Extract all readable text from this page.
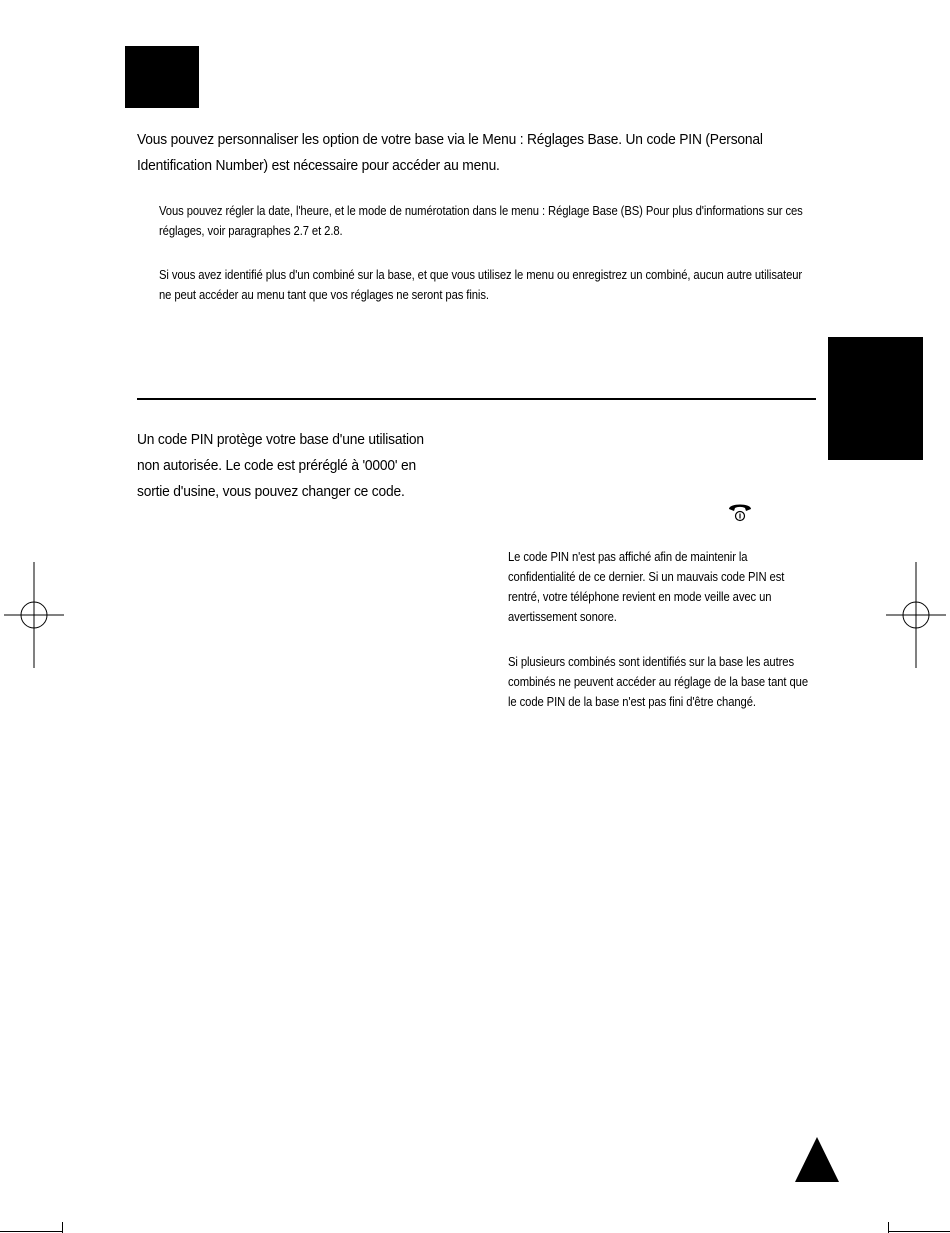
Vous pouvez personnaliser les option de votre base via le Menu : Réglages Base. Un code PIN (Personal Identification Number) est nécessaire pour accéder au menu.
Vous pouvez régler la date, l'heure, et le mode de numérotation dans le menu : Réglage Base (BS) Pour plus d'informations sur ces réglages, voir paragraphes 2.7 et 2.8.
Si vous avez identifié plus d'un combiné sur la base, et que vous utilisez le menu ou enregistrez un combiné, aucun autre utilisateur ne peut accéder au menu tant que vos réglages ne seront pas finis.
Un code PIN protège votre base d'une utilisation non autorisée. Le code est préréglé à '0000' en sortie d'usine, vous pouvez changer ce code.
Le code PIN n'est pas affiché afin de maintenir la confidentialité de ce dernier. Si un mauvais code PIN est rentré, votre téléphone revient en mode veille avec un avertissement sonore.
Si plusieurs combinés sont identifiés sur la base les autres combinés ne peuvent accéder au réglage de la base tant que le code PIN de la base n'est pas fini d'être changé.
